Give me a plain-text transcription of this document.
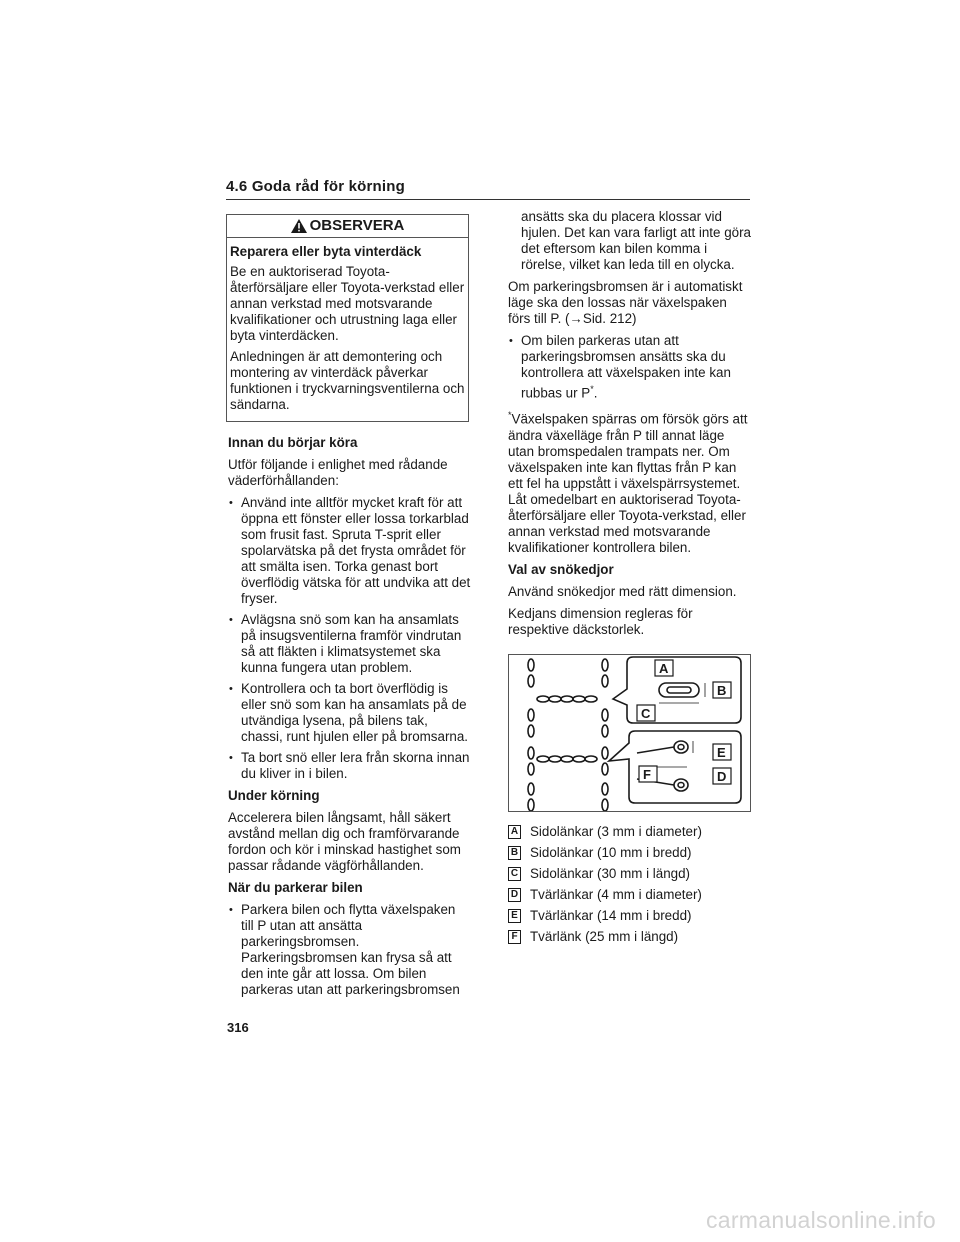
4.6 Goda råd för körning
OBSERVERA
Reparera eller byta vinterdäck

Be en auktoriserad Toyota-återförsäljare eller Toyota-verkstad eller annan verkstad med motsvarande kvalifikationer och utrustning laga eller byta vinterdäcken.

Anledningen är att demontering och montering av vinterdäck påverkar funktionen i tryckvarningsventilerna och sändarna.

Innan du börjar köra

Utför följande i enlighet med rådande väderförhållanden:

• Använd inte alltför mycket kraft för att öppna ett fönster eller lossa torkarblad som frusit fast. Spruta T-sprit eller spolarvätska på det frysta området för att smälta isen. Torka genast bort överflödig vätska för att undvika att det fryser.
• Avlägsna snö som kan ha ansamlats på insugsventilerna framför vindrutan så att fläkten i klimatsystemet ska kunna fungera utan problem.
• Kontrollera och ta bort överflödig is eller snö som kan ha ansamlats på de utvändiga lysena, på bilens tak, chassi, runt hjulen eller på bromsarna.
• Ta bort snö eller lera från skorna innan du kliver in i bilen.
Under körning

Accelerera bilen långsamt, håll säkert avstånd mellan dig och framförvarande fordon och kör i minskad hastighet som passar rådande vägförhållanden.

När du parkerar bilen
• Parkera bilen och flytta växelspaken till P utan att ansätta parkeringsbromsen. Parkeringsbromsen kan frysa så att den inte går att lossa. Om bilen parkeras utan att parkeringsbromsen
ansätts ska du placera klossar vid hjulen. Det kan vara farligt att inte göra det eftersom kan bilen komma i rörelse, vilket kan leda till en olycka.

Om parkeringsbromsen är i automatiskt läge ska den lossas när växelspaken förs till P. (→Sid. 212)

• Om bilen parkeras utan att parkeringsbromsen ansätts ska du kontrollera att växelspaken inte kan rubbas ur P*.

*Växelspaken spärras om försök görs att ändra växelläge från P till annat läge utan bromspedalen trampats ner. Om växelspaken inte kan flyttas från P kan ett fel ha uppstått i växelspärrsystemet. Låt omedelbart en auktoriserad Toyota-återförsäljare eller Toyota-verkstad, eller annan verkstad med motsvarande kvalifikationer kontrollera bilen.

Val av snökedjor

Använd snökedjor med rätt dimension.

Kedjans dimension regleras för respektive däckstorlek.

A
B
C
D
E
F
A Sidolänkar (3 mm i diameter)
B Sidolänkar (10 mm i bredd)
C Sidolänkar (30 mm i längd)
D Tvärlänkar (4 mm i diameter)
E Tvärlänkar (14 mm i bredd)
F Tvärlänk (25 mm i längd)
316
carmanualsonline.info
